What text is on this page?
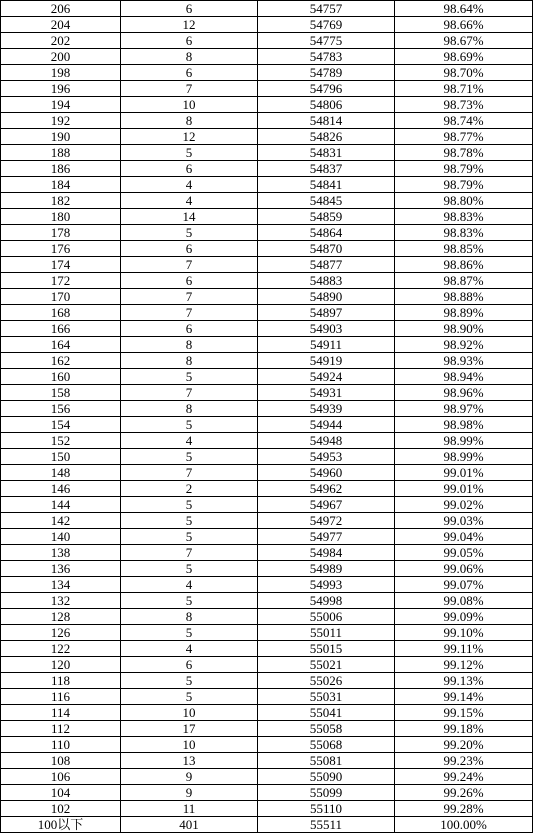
206	6	54757	98.64%
204	12	54769	98.66%
202	6	54775	98.67%
200	8	54783	98.69%
198	6	54789	98.70%
196	7	54796	98.71%
194	10	54806	98.73%
192	8	54814	98.74%
190	12	54826	98.77%
188	5	54831	98.78%
186	6	54837	98.79%
184	4	54841	98.79%
182	4	54845	98.80%
180	14	54859	98.83%
178	5	54864	98.83%
176	6	54870	98.85%
174	7	54877	98.86%
172	6	54883	98.87%
170	7	54890	98.88%
168	7	54897	98.89%
166	6	54903	98.90%
164	8	54911	98.92%
162	8	54919	98.93%
160	5	54924	98.94%
158	7	54931	98.96%
156	8	54939	98.97%
154	5	54944	98.98%
152	4	54948	98.99%
150	5	54953	98.99%
148	7	54960	99.01%
146	2	54962	99.01%
144	5	54967	99.02%
142	5	54972	99.03%
140	5	54977	99.04%
138	7	54984	99.05%
136	5	54989	99.06%
134	4	54993	99.07%
132	5	54998	99.08%
128	8	55006	99.09%
126	5	55011	99.10%
122	4	55015	99.11%
120	6	55021	99.12%
118	5	55026	99.13%
116	5	55031	99.14%
114	10	55041	99.15%
112	17	55058	99.18%
110	10	55068	99.20%
108	13	55081	99.23%
106	9	55090	99.24%
104	9	55099	99.26%
102	11	55110	99.28%
100以下	401	55511	100.00%
